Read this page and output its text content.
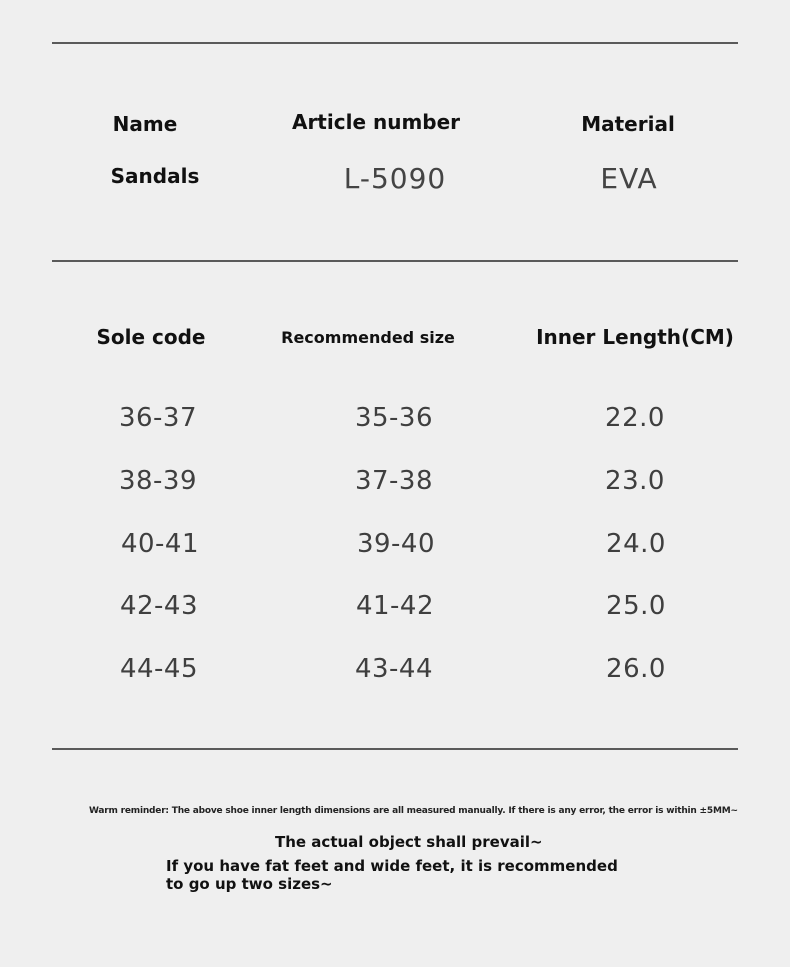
Name	Article number	Material
Sandals	L-5090	EVA
Sole code	Recommended size	Inner Length(CM)
36-37	35-36	22.0
38-39	37-38	23.0
40-41	39-40	24.0
42-43	41-42	25.0
44-45	43-44	26.0
Warm reminder: The above shoe inner length dimensions are all measured manually. If there is any error, the error is within ±5MM~
The actual object shall prevail~
If you have fat feet and wide feet, it is recommended to go up two sizes~
